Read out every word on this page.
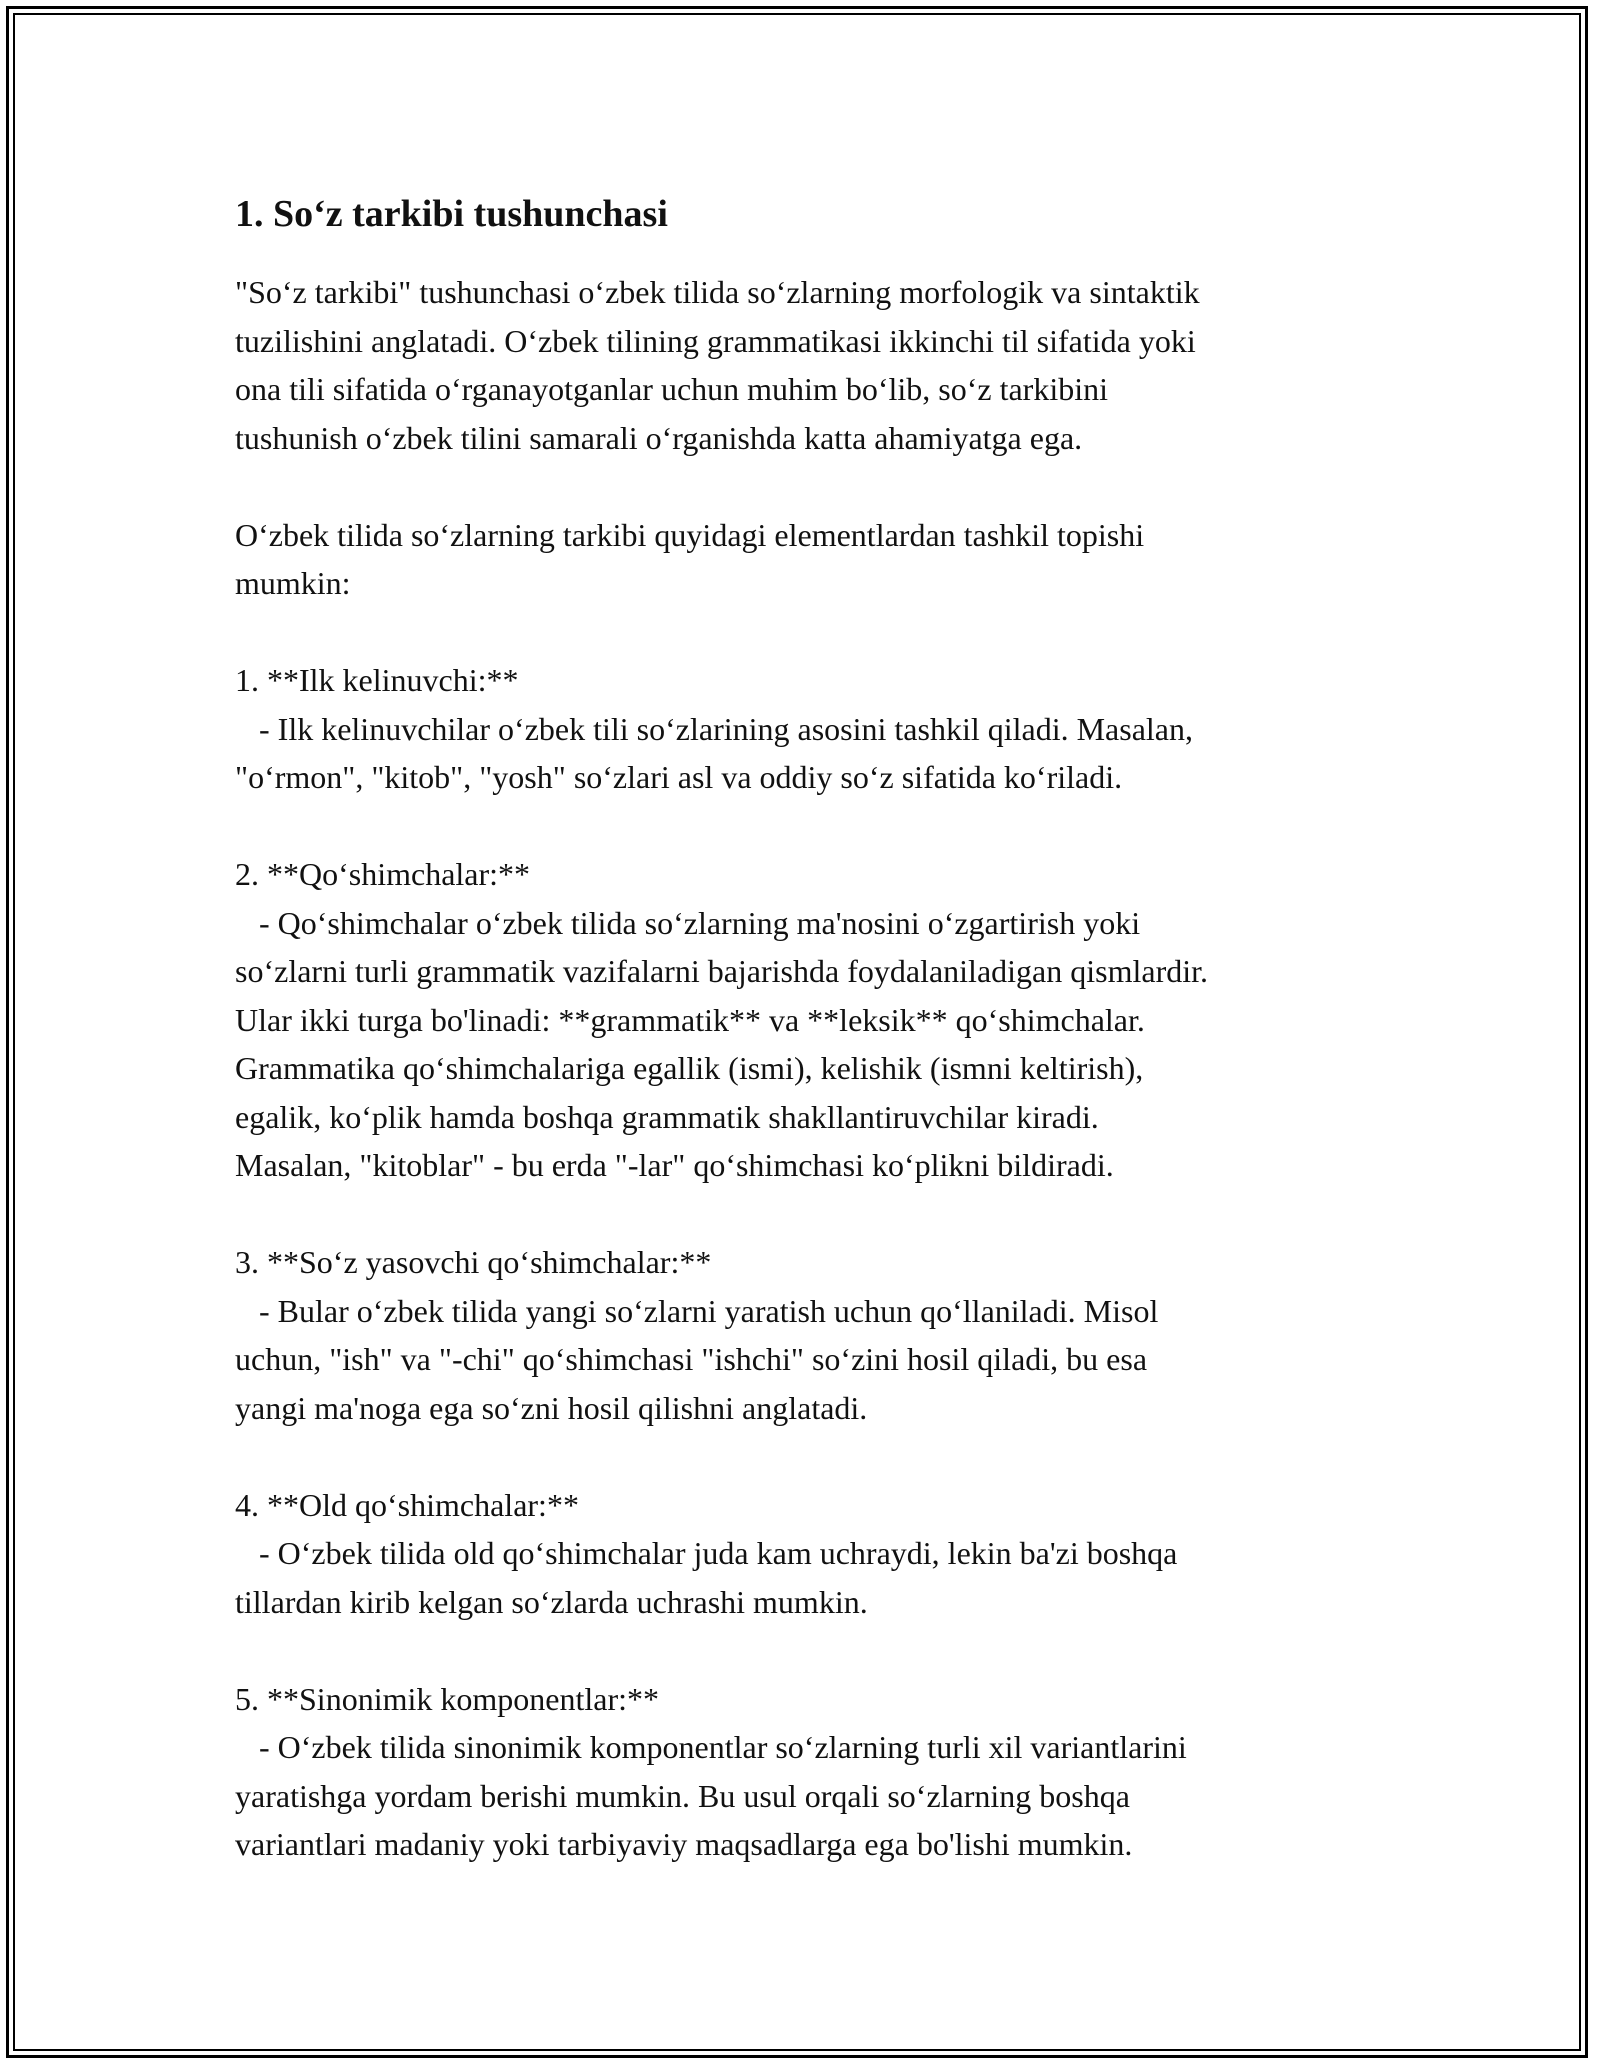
1. So‘z tarkibi tushunchasi

"So‘z tarkibi" tushunchasi o‘zbek tilida so‘zlarning morfologik va sintaktik
tuzilishini anglatadi. O‘zbek tilining grammatikasi ikkinchi til sifatida yoki
ona tili sifatida o‘rganayotganlar uchun muhim bo‘lib, so‘z tarkibini
tushunish o‘zbek tilini samarali o‘rganishda katta ahamiyatga ega.

O‘zbek tilida so‘zlarning tarkibi quyidagi elementlardan tashkil topishi
mumkin:

1. **Ilk kelinuvchi:**

- Ilk kelinuvchilar o‘zbek tili so‘zlarining asosini tashkil qiladi. Masalan,
"o‘rmon", "kitob", "yosh" so‘zlari asl va oddiy so‘z sifatida ko‘riladi.

2. **Qo‘shimchalar:**

- Qo‘shimchalar o‘zbek tilida so‘zlarning ma'nosini o‘zgartirish yoki
so‘zlarni turli grammatik vazifalarni bajarishda foydalaniladigan qismlardir.
Ular ikki turga bo'linadi: **grammatik** va **leksik** qo‘shimchalar.
Grammatika qo‘shimchalariga egallik (ismi), kelishik (ismni keltirish),
egalik, ko‘plik hamda boshqa grammatik shakllantiruvchilar kiradi.
Masalan, "kitoblar" - bu erda "-lar" qo‘shimchasi ko‘plikni bildiradi.

3. **So‘z yasovchi qo‘shimchalar:**

- Bular o‘zbek tilida yangi so‘zlarni yaratish uchun qo‘llaniladi. Misol
uchun, "ish" va "-chi" qo‘shimchasi "ishchi" so‘zini hosil qiladi, bu esa
yangi ma'noga ega so‘zni hosil qilishni anglatadi.

4. **Old qo‘shimchalar:**

- O‘zbek tilida old qo‘shimchalar juda kam uchraydi, lekin ba'zi boshqa
tillardan kirib kelgan so‘zlarda uchrashi mumkin.

5. **Sinonimik komponentlar:**

- O‘zbek tilida sinonimik komponentlar so‘zlarning turli xil variantlarini
yaratishga yordam berishi mumkin. Bu usul orqali so‘zlarning boshqa
variantlari madaniy yoki tarbiyaviy maqsadlarga ega bo'lishi mumkin.
